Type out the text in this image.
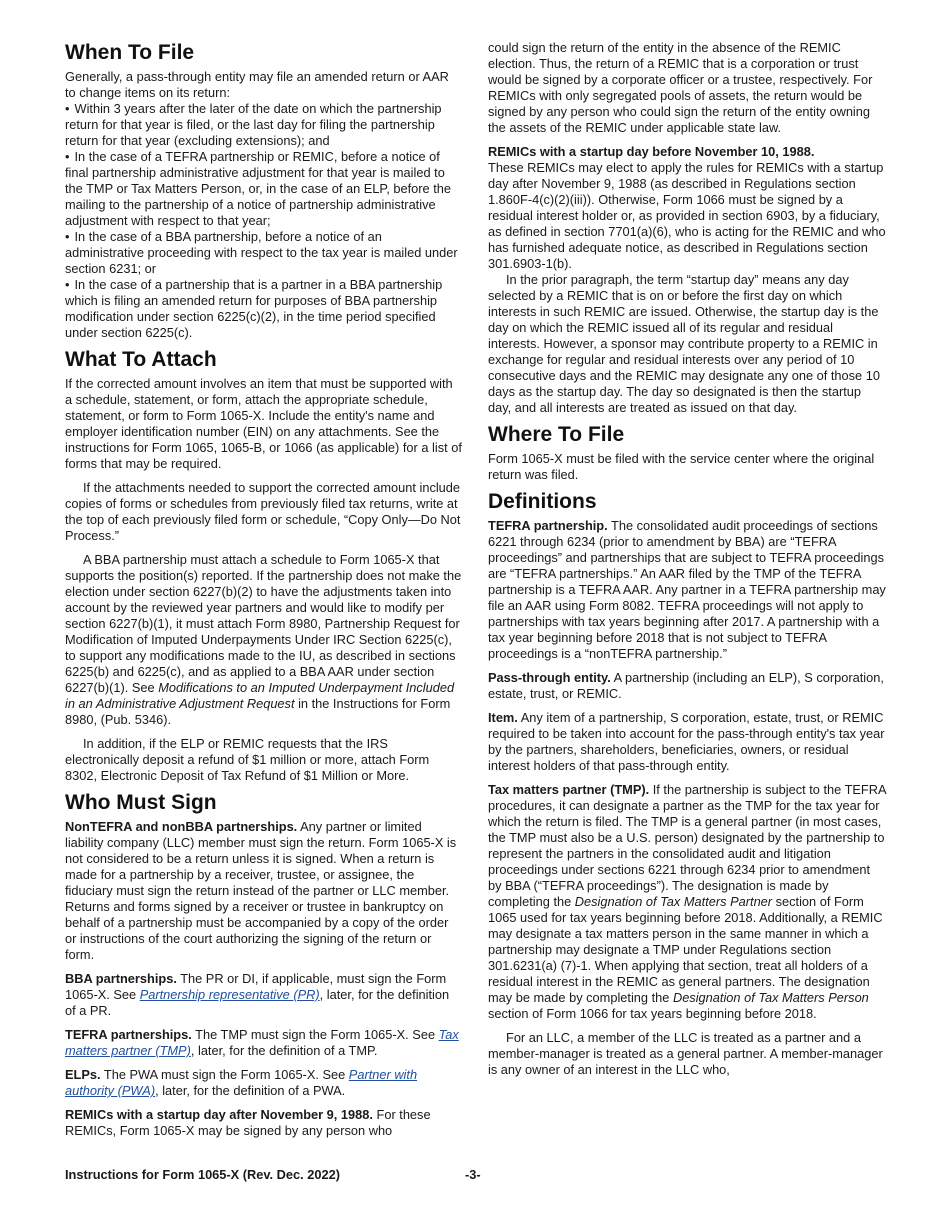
When To File

Generally, a pass-through entity may file an amended return or AAR to change items on its return:

• Within 3 years after the later of the date on which the partnership return for that year is filed, or the last day for filing the partnership return for that year (excluding extensions); and

• In the case of a TEFRA partnership or REMIC, before a notice of final partnership administrative adjustment for that year is mailed to the TMP or Tax Matters Person, or, in the case of an ELP, before the mailing to the partnership of a notice of partnership administrative adjustment with respect to that year;

• In the case of a BBA partnership, before a notice of an administrative proceeding with respect to the tax year is mailed under section 6231; or

• In the case of a partnership that is a partner in a BBA partnership which is filing an amended return for purposes of BBA partnership modification under section 6225(c)(2), in the time period specified under section 6225(c).

What To Attach

If the corrected amount involves an item that must be supported with a schedule, statement, or form, attach the appropriate schedule, statement, or form to Form 1065-X. Include the entity's name and employer identification number (EIN) on any attachments. See the instructions for Form 1065, 1065-B, or 1066 (as applicable) for a list of forms that may be required.

If the attachments needed to support the corrected amount include copies of forms or schedules from previously filed tax returns, write at the top of each previously filed form or schedule, “Copy Only—Do Not Process.”

A BBA partnership must attach a schedule to Form 1065-X that supports the position(s) reported. If the partnership does not make the election under section 6227(b)(2) to have the adjustments taken into account by the reviewed year partners and would like to modify per section 6227(b)(1), it must attach Form 8980, Partnership Request for Modification of Imputed Underpayments Under IRC Section 6225(c), to support any modifications made to the IU, as described in sections 6225(b) and 6225(c), and as applied to a BBA AAR under section 6227(b)(1). See Modifications to an Imputed Underpayment Included in an Administrative Adjustment Request in the Instructions for Form 8980, (Pub. 5346).

In addition, if the ELP or REMIC requests that the IRS electronically deposit a refund of $1 million or more, attach Form 8302, Electronic Deposit of Tax Refund of $1 Million or More.

Who Must Sign

NonTEFRA and nonBBA partnerships. Any partner or limited liability company (LLC) member must sign the return. Form 1065-X is not considered to be a return unless it is signed. When a return is made for a partnership by a receiver, trustee, or assignee, the fiduciary must sign the return instead of the partner or LLC member. Returns and forms signed by a receiver or trustee in bankruptcy on behalf of a partnership must be accompanied by a copy of the order or instructions of the court authorizing the signing of the return or form.

BBA partnerships. The PR or DI, if applicable, must sign the Form 1065-X. See Partnership representative (PR), later, for the definition of a PR.

TEFRA partnerships. The TMP must sign the Form 1065-X. See Tax matters partner (TMP), later, for the definition of a TMP.

ELPs. The PWA must sign the Form 1065-X. See Partner with authority (PWA), later, for the definition of a PWA.

REMICs with a startup day after November 9, 1988. For these REMICs, Form 1065-X may be signed by any person who

could sign the return of the entity in the absence of the REMIC election. Thus, the return of a REMIC that is a corporation or trust would be signed by a corporate officer or a trustee, respectively. For REMICs with only segregated pools of assets, the return would be signed by any person who could sign the return of the entity owning the assets of the REMIC under applicable state law.

REMICs with a startup day before November 10, 1988.
These REMICs may elect to apply the rules for REMICs with a startup day after November 9, 1988 (as described in Regulations section 1.860F-4(c)(2)(iii)). Otherwise, Form 1066 must be signed by a residual interest holder or, as provided in section 6903, by a fiduciary, as defined in section 7701(a)(6), who is acting for the REMIC and who has furnished adequate notice, as described in Regulations section 301.6903-1(b).

In the prior paragraph, the term “startup day” means any day selected by a REMIC that is on or before the first day on which interests in such REMIC are issued. Otherwise, the startup day is the day on which the REMIC issued all of its regular and residual interests. However, a sponsor may contribute property to a REMIC in exchange for regular and residual interests over any period of 10 consecutive days and the REMIC may designate any one of those 10 days as the startup day. The day so designated is then the startup day, and all interests are treated as issued on that day.

Where To File

Form 1065-X must be filed with the service center where the original return was filed.

Definitions

TEFRA partnership. The consolidated audit proceedings of sections 6221 through 6234 (prior to amendment by BBA) are “TEFRA proceedings” and partnerships that are subject to TEFRA proceedings are “TEFRA partnerships.” An AAR filed by the TMP of the TEFRA partnership is a TEFRA AAR. Any partner in a TEFRA partnership may file an AAR using Form 8082. TEFRA proceedings will not apply to partnerships with tax years beginning after 2017. A partnership with a tax year beginning before 2018 that is not subject to TEFRA proceedings is a “nonTEFRA partnership.”

Pass-through entity. A partnership (including an ELP), S corporation, estate, trust, or REMIC.

Item. Any item of a partnership, S corporation, estate, trust, or REMIC required to be taken into account for the pass-through entity's tax year by the partners, shareholders, beneficiaries, owners, or residual interest holders of that pass-through entity.

Tax matters partner (TMP). If the partnership is subject to the TEFRA procedures, it can designate a partner as the TMP for the tax year for which the return is filed. The TMP is a general partner (in most cases, the TMP must also be a U.S. person) designated by the partnership to represent the partners in the consolidated audit and litigation proceedings under sections 6221 through 6234 prior to amendment by BBA (“TEFRA proceedings”). The designation is made by completing the Designation of Tax Matters Partner section of Form 1065 used for tax years beginning before 2018. Additionally, a REMIC may designate a tax matters person in the same manner in which a partnership may designate a TMP under Regulations section 301.6231(a) (7)-1. When applying that section, treat all holders of a residual interest in the REMIC as general partners. The designation may be made by completing the Designation of Tax Matters Person section of Form 1066 for tax years beginning before 2018.

For an LLC, a member of the LLC is treated as a partner and a member-manager is treated as a general partner. A member-manager is any owner of an interest in the LLC who,

Instructions for Form 1065-X (Rev. Dec. 2022)	-3-
